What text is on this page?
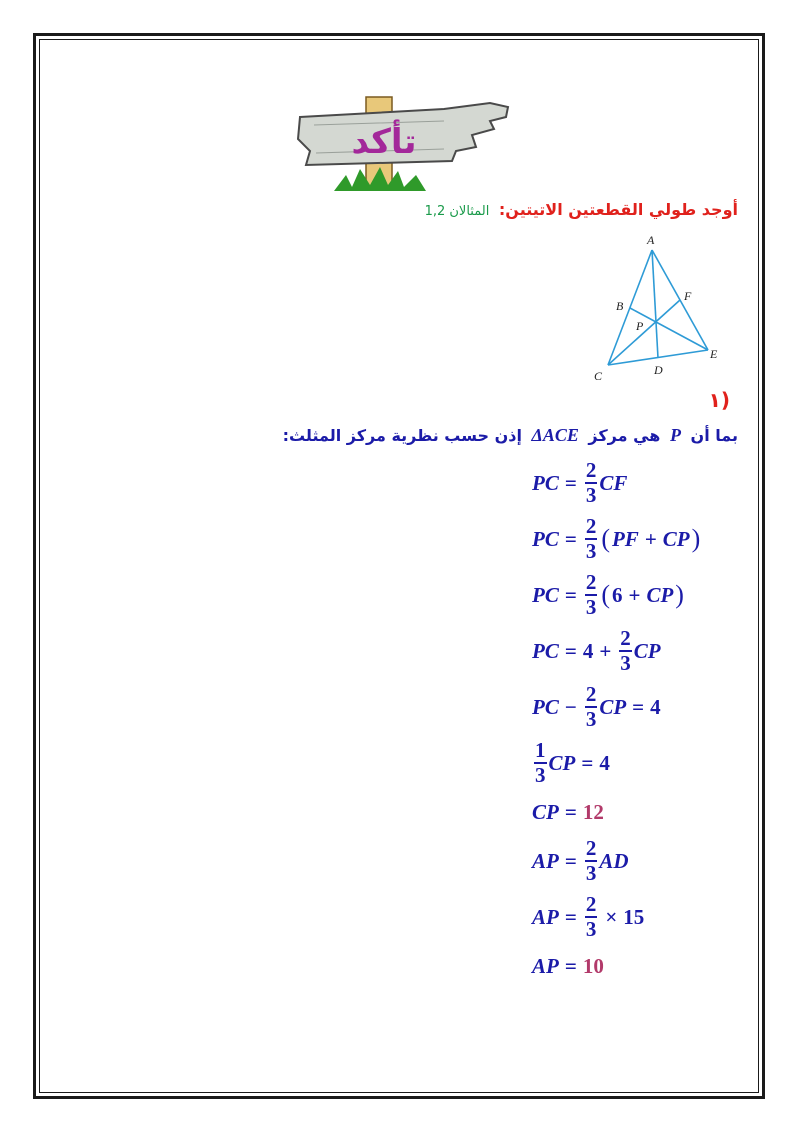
تأكد
أوجد طولي القطعتين الاتيتين: المثالان 1,2
A
B
C	D
E
F
P
١)
بما أن P هي مركز ΔACE إذن حسب نظرية مركز المثلث:
PC = $\frac{2}{3}$ CF
PC = $\frac{2}{3}$ ( PF + CP )
PC = $\frac{2}{3}$ ( 6 + CP )
PC = $4 + \frac{2}{3}$ CP
PC − $\frac{2}{3}$ CP = 4
$\frac{1}{3}$ CP = 4
CP = 12
AP = $\frac{2}{3}$ AD
AP = $\frac{2}{3} \times 15$
AP = 10
